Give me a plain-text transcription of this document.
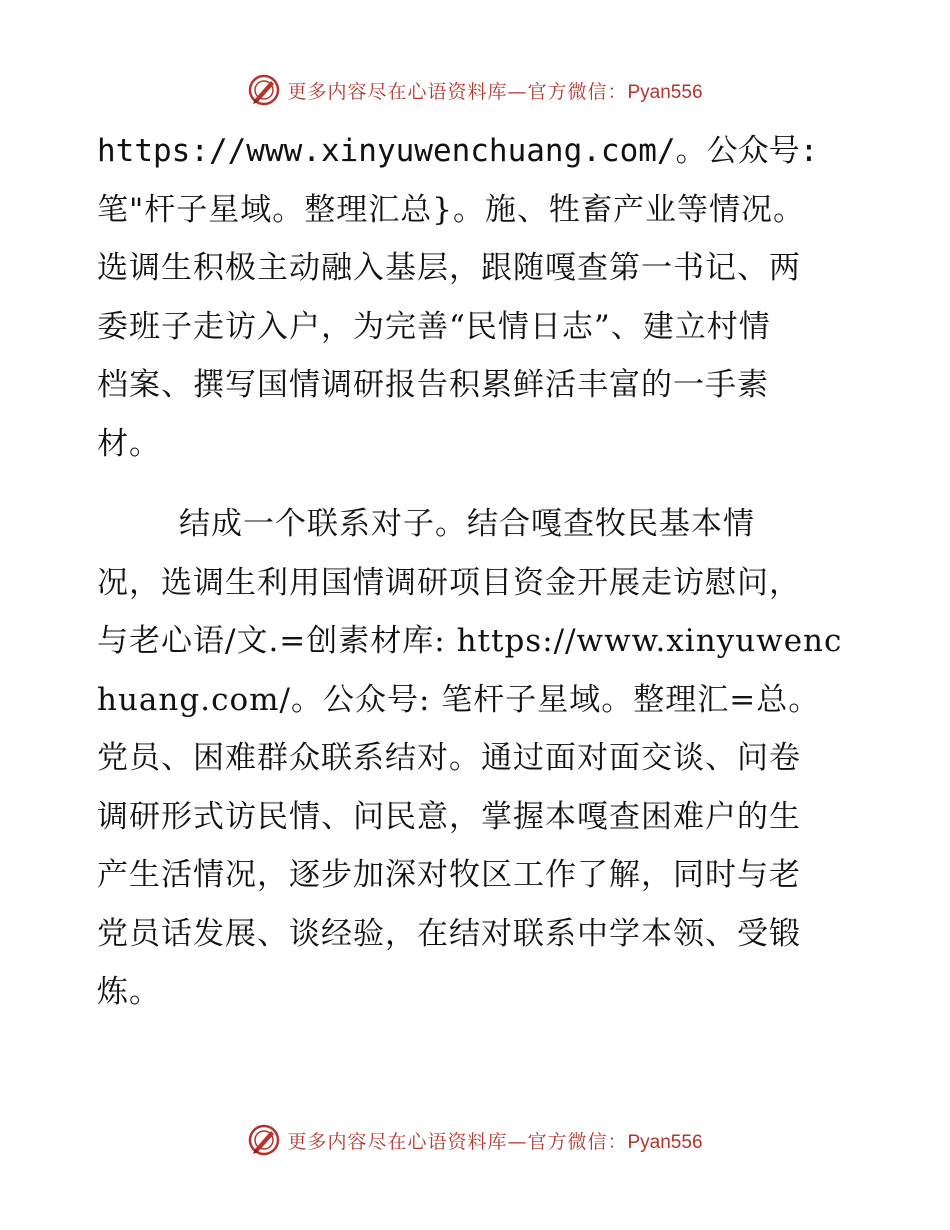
更多内容尽在心语资料库—官方微信：Pyan556
https://www.xinyuwenchuang.com/。公众号:
笔"杆子星域。整理汇总}。施、牲畜产业等情况。
选调生积极主动融入基层，跟随嘎查第一书记、两
委班子走访入户，为完善“民情日志”、建立村情
档案、撰写国情调研报告积累鲜活丰富的一手素
材。
结成一个联系对子。结合嘎查牧民基本情
况，选调生利用国情调研项目资金开展走访慰问，
与老心语/文.=创素材库: https://www.xinyuwenc
huang.com/。公众号: 笔杆子星域。整理汇=总。
党员、困难群众联系结对。通过面对面交谈、问卷
调研形式访民情、问民意，掌握本嘎查困难户的生
产生活情况，逐步加深对牧区工作了解，同时与老
党员话发展、谈经验，在结对联系中学本领、受锻
炼。
更多内容尽在心语资料库—官方微信：Pyan556
